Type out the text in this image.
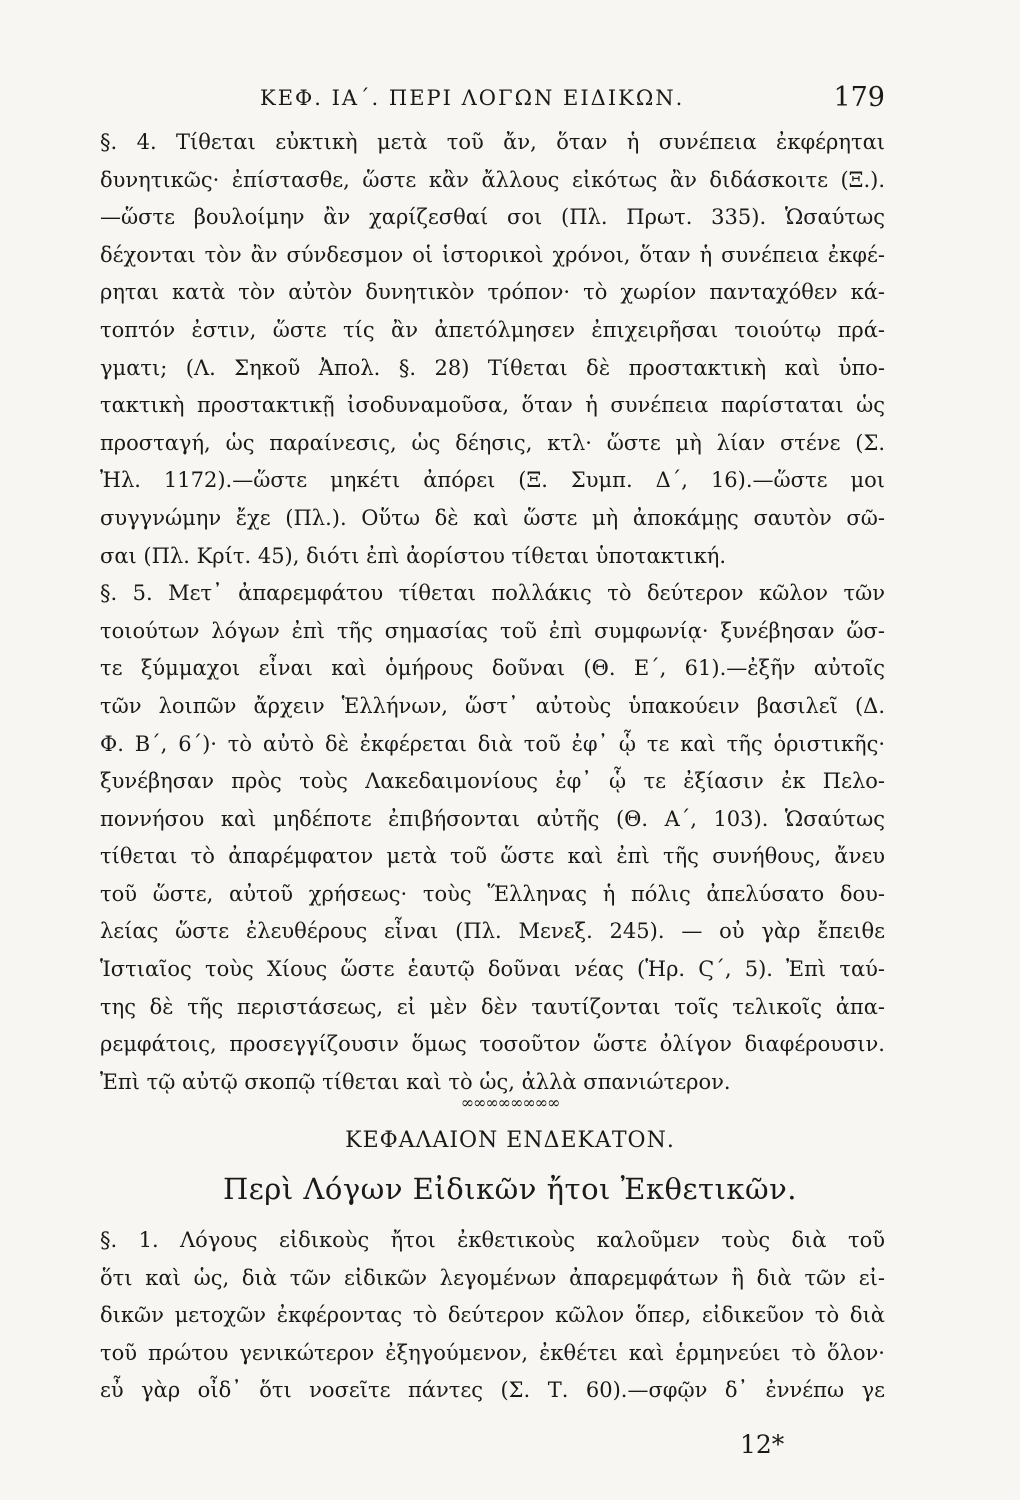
ΚΕΦ. ΙΑ΄. ΠΕΡΙ ΛΟΓΩΝ ΕΙΔΙΚΩΝ.	179
§. 4. Τίθεται εὐκτικὴ μετὰ τοῦ ἄν, ὅταν ἡ συνέπεια ἐκφέρηται
δυνητικῶς· ἐπίστασθε, ὥστε κἂν ἄλλους εἰκότως ἂν διδάσκοιτε (Ξ.).
—ὥστε βουλοίμην ἂν χαρίζεσθαί σοι (Πλ. Πρωτ. 335). Ὡσαύτως
δέχονται τὸν ἂν σύνδεσμον οἱ ἱστορικοὶ χρόνοι, ὅταν ἡ συνέπεια ἐκφέ-
ρηται κατὰ τὸν αὐτὸν δυνητικὸν τρόπον· τὸ χωρίον πανταχόθεν κά-
τοπτόν ἐστιν, ὥστε τίς ἂν ἀπετόλμησεν ἐπιχειρῆσαι τοιούτῳ πρά-
γματι; (Λ. Σηκοῦ Ἀπολ. §. 28) Τίθεται δὲ προστακτικὴ καὶ ὑπο-
τακτικὴ προστακτικῇ ἰσοδυναμοῦσα, ὅταν ἡ συνέπεια παρίσταται ὡς
προσταγή, ὡς παραίνεσις, ὡς δέησις, κτλ· ὥστε μὴ λίαν στένε (Σ.
Ἠλ. 1172).—ὥστε μηκέτι ἀπόρει (Ξ. Συμπ. Δ΄, 16).—ὥστε μοι
συγγνώμην ἔχε (Πλ.). Οὕτω δὲ καὶ ὥστε μὴ ἀποκάμῃς σαυτὸν σῶ-
σαι (Πλ. Κρίτ. 45), διότι ἐπὶ ἀορίστου τίθεται ὑποτακτική.
§. 5. Μετ᾽ ἀπαρεμφάτου τίθεται πολλάκις τὸ δεύτερον κῶλον τῶν
τοιούτων λόγων ἐπὶ τῆς σημασίας τοῦ ἐπὶ συμφωνίᾳ· ξυνέβησαν ὥσ-
τε ξύμμαχοι εἶναι καὶ ὁμήρους δοῦναι (Θ. Ε΄, 61).—ἐξῆν αὐτοῖς
τῶν λοιπῶν ἄρχειν Ἑλλήνων, ὥστ᾽ αὐτοὺς ὑπακούειν βασιλεῖ (Δ.
Φ. Β΄, 6΄)· τὸ αὐτὸ δὲ ἐκφέρεται διὰ τοῦ ἐφ᾽ ᾧ τε καὶ τῆς ὁριστικῆς·
ξυνέβησαν πρὸς τοὺς Λακεδαιμονίους ἐφ᾽ ᾧ τε ἐξίασιν ἐκ Πελο-
ποννήσου καὶ μηδέποτε ἐπιβήσονται αὐτῆς (Θ. Α΄, 103). Ὡσαύτως
τίθεται τὸ ἀπαρέμφατον μετὰ τοῦ ὥστε καὶ ἐπὶ τῆς συνήθους, ἄνευ
τοῦ ὥστε, αὐτοῦ χρήσεως· τοὺς Ἕλληνας ἡ πόλις ἀπελύσατο δου-
λείας ὥστε ἐλευθέρους εἶναι (Πλ. Μενεξ. 245). — οὐ γὰρ ἔπειθε
Ἱστιαῖος τοὺς Χίους ὥστε ἑαυτῷ δοῦναι νέας (Ἡρ. Ϛ΄, 5). Ἐπὶ ταύ-
της δὲ τῆς περιστάσεως, εἰ μὲν δὲν ταυτίζονται τοῖς τελικοῖς ἀπα-
ρεμφάτοις, προσεγγίζουσιν ὅμως τοσοῦτον ὥστε ὀλίγον διαφέρουσιν.
Ἐπὶ τῷ αὐτῷ σκοπῷ τίθεται καὶ τὸ ὡς, ἀλλὰ σπανιώτερον.
∞∞∞∞∞∞∞∞
ΚΕΦΑΛΑΙΟΝ ΕΝΔΕΚΑΤΟΝ.
Περὶ Λόγων Εἰδικῶν ἤτοι Ἐκθετικῶν.
§. 1. Λόγους εἰδικοὺς ἤτοι ἐκθετικοὺς καλοῦμεν τοὺς διὰ τοῦ
ὅτι καὶ ὡς, διὰ τῶν εἰδικῶν λεγομένων ἀπαρεμφάτων ἢ διὰ τῶν εἰ-
δικῶν μετοχῶν ἐκφέροντας τὸ δεύτερον κῶλον ὅπερ, εἰδικεῦον τὸ διὰ
τοῦ πρώτου γενικώτερον ἐξηγούμενον, ἐκθέτει καὶ ἑρμηνεύει τὸ ὅλον·
εὖ γὰρ οἶδ᾽ ὅτι νοσεῖτε πάντες (Σ. Τ. 60).—σφῷν δ᾽ ἐννέπω γε
12*
